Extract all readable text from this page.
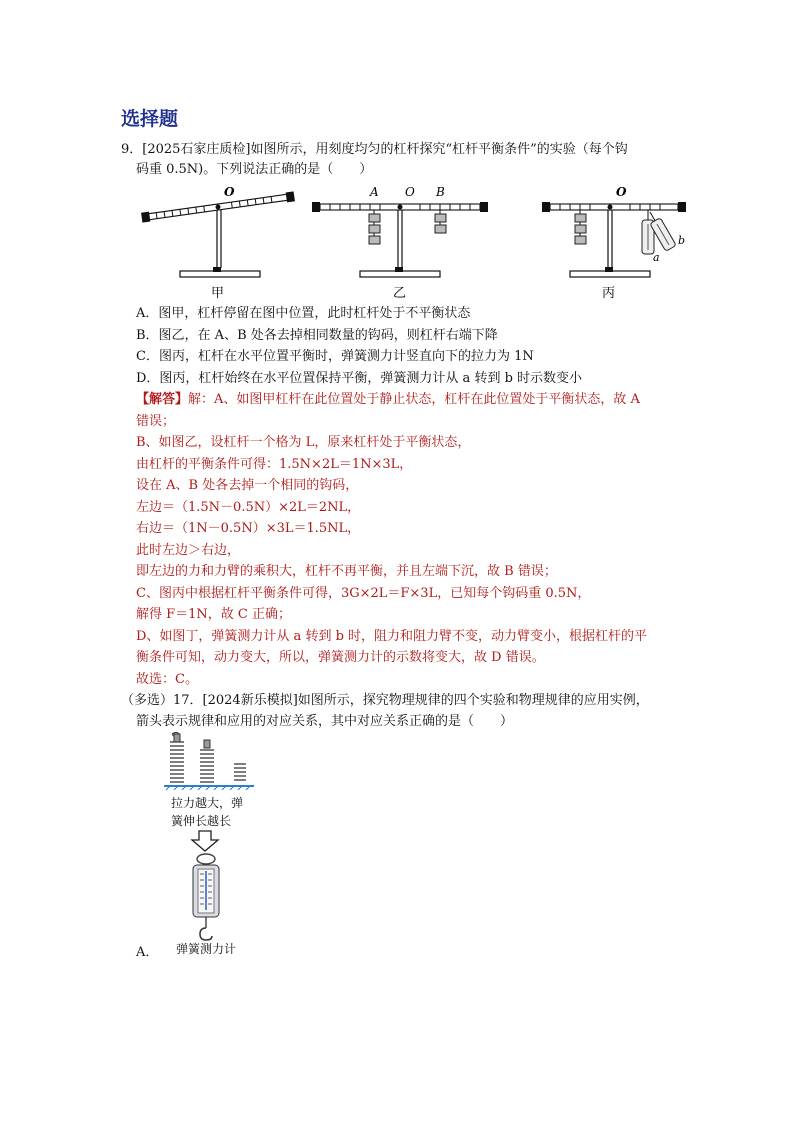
选择题
9．[2025石家庄质检]如图所示，用刻度均匀的杠杆探究“杠杆平衡条件”的实验（每个钩
码重 0.5N)。下列说法正确的是（　　）
O	A O B	O
a
b
甲	乙	丙
A．图甲，杠杆停留在图中位置，此时杠杆处于不平衡状态
B．图乙，在 A、B 处各去掉相同数量的钩码，则杠杆右端下降
C．图丙，杠杆在水平位置平衡时，弹簧测力计竖直向下的拉力为 1N
D．图丙，杠杆始终在水平位置保持平衡，弹簧测力计从 a 转到 b 时示数变小
【解答】解：A、如图甲杠杆在此位置处于静止状态，杠杆在此位置处于平衡状态，故 A
错误；
B、如图乙，设杠杆一个格为 L，原来杠杆处于平衡状态，
由杠杆的平衡条件可得：1.5N×2L＝1N×3L，
设在 A、B 处各去掉一个相同的钩码，
左边＝（1.5N－0.5N）×2L＝2NL，
右边＝（1N－0.5N）×3L＝1.5NL，
此时左边＞右边，
即左边的力和力臂的乘积大，杠杆不再平衡，并且左端下沉，故 B 错误；
C、图丙中根据杠杆平衡条件可得，3G×2L＝F×3L，已知每个钩码重 0.5N，
解得 F＝1N，故 C 正确；
D、如图丁，弹簧测力计从 a 转到 b 时，阻力和阻力臂不变，动力臂变小，根据杠杆的平
衡条件可知，动力变大，所以，弹簧测力计的示数将变大，故 D 错误。
故选：C。
（多选）17．[2024新乐模拟]如图所示，探究物理规律的四个实验和物理规律的应用实例，
箭头表示规律和应用的对应关系，其中对应关系正确的是（　　）
拉力越大，弹
簧伸长越长
A． 弹簧测力计
